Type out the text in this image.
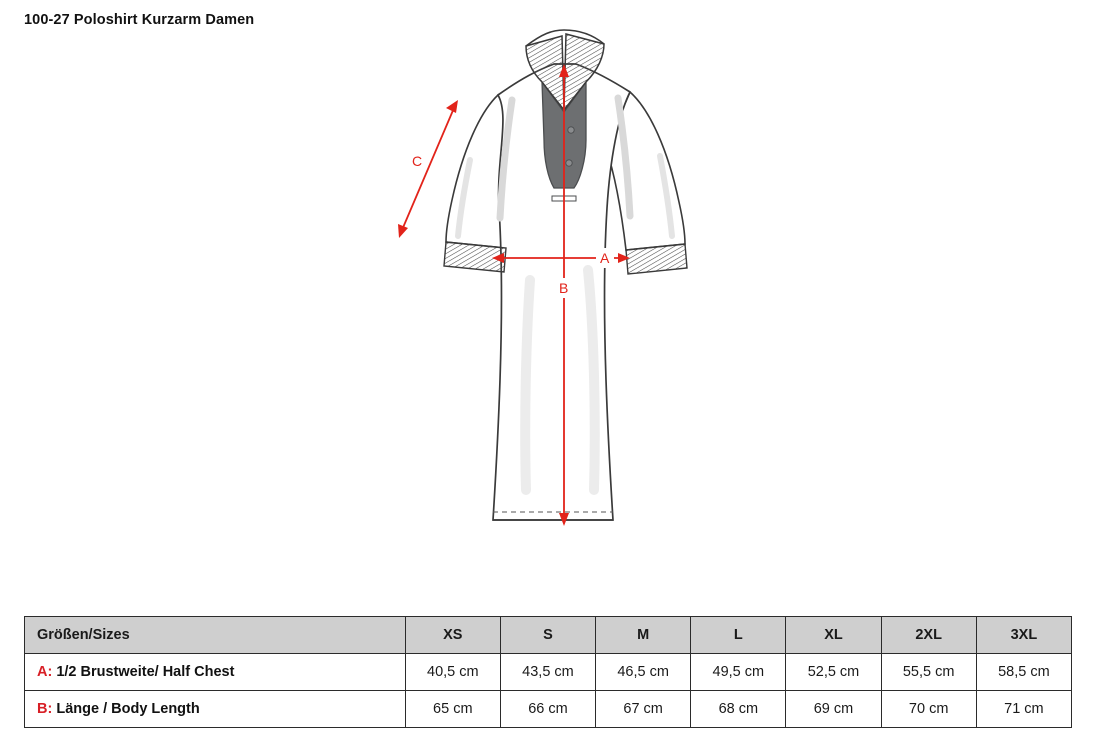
100-27 Poloshirt Kurzarm Damen
A
B
C
Größen/Sizes	XS	S	M	L	XL	2XL	3XL
A: 1/2 Brustweite/ Half Chest	40,5 cm	43,5 cm	46,5 cm	49,5 cm	52,5 cm	55,5 cm	58,5 cm
B: Länge / Body Length	65 cm	66 cm	67 cm	68 cm	69 cm	70 cm	71 cm
